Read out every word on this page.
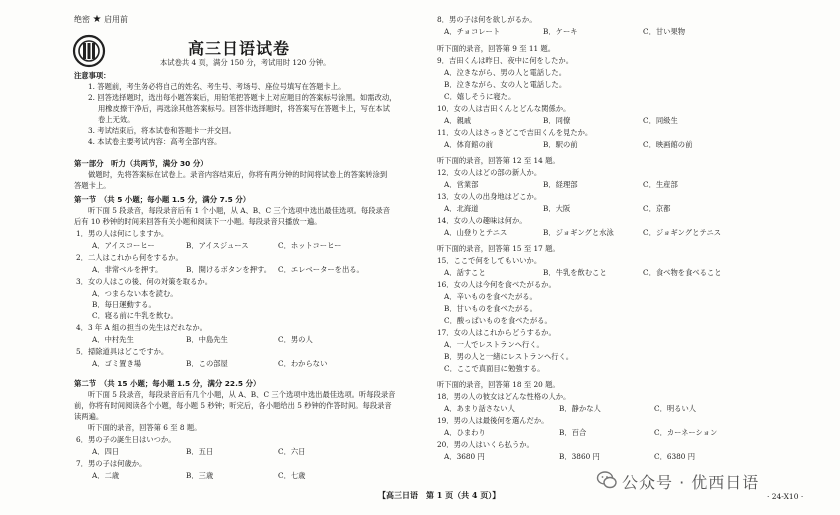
绝密 ★ 启用前
高三日语试卷
本试卷共 4 页，满分 150 分，考试用时 120 分钟。
注意事项：
1. 答题前，考生务必将自己的姓名、考生号、考场号、座位号填写在答题卡上。
2. 回答选择题时，选出每小题答案后，用铅笔把答题卡上对应题目的答案标号涂黑。如需改动，
用橡皮擦干净后，再选涂其他答案标号。回答非选择题时，将答案写在答题卡上，写在本试
卷上无效。
3. 考试结束后，将本试卷和答题卡一并交回。
4. 本试卷主要考试内容：高考全部内容。
第一部分　听力（共两节，满分 30 分）
做题时，先将答案标在试卷上。录音内容结束后，你将有两分钟的时间将试卷上的答案转涂到
答题卡上。
第一节　（共 5 小题；每小题 1.5 分，满分 7.5 分）
听下面 5 段录音，每段录音后有 1 个小题，从 A、B、C 三个选项中选出最佳选项。每段录音
后有 10 秒钟的时间来回答有关小题和阅读下一小题。每段录音只播放一遍。
1．男の人は何にしますか。
A．アイスコーヒー	B．アイスジュース	C．ホットコーヒー
2．二人はこれから何をするか。
A．非常ベルを押す。	B．開けるボタンを押す。 C．エレベーターを出る。
3．女の人はこの後、何の対策を取るか。
A．つまらない本を読む。
B．毎日運動する。
C．寝る前に牛乳を飲む。
4．3 年 A 組の担当の先生はだれなか。
A．中村先生	B．中島先生	C．男の人
5．掃除道具はどこですか。
A．ゴミ置き場	B．この部屋	C．わからない
第二节　（共 15 小题；每小题 1.5 分，满分 22.5 分）
听下面 5 段录音，每段录音后有几个小题，从 A、B、C 三个选项中选出最佳选项。听每段录音
前，你将有时间阅读各个小题，每小题 5 秒钟；听完后，各小题给出 5 秒钟的作答时间。每段录音
读两遍。
听下面的录音，回答第 6 至 8 题。
6．男の子の誕生日はいつか。
A．四日	B．五日	C．六日
7．男の子は何歳か。
A．二歳	B．三歳	C．七歳
8．男の子は何を欲しがるか。
A．チョコレート	B．ケーキ	C．甘い果物
听下面的录音，回答第 9 至 11 题。
9．吉田くんは昨日、夜中に何をしたか。
A．泣きながら、男の人と電話した。
B．泣きながら、女の人と電話した。
C．嬉しそうに寝た。
10．女の人は吉田くんとどんな関係か。
A．親戚	B．同僚	C．同級生
11．女の人はさっきどこで吉田くんを見たか。
A．体育館の前	B．駅の前	C．映画館の前
听下面的录音，回答第 12 至 14 题。
12．女の人はどの部の新人か。
A．営業部	B．経理部	C．生産部
13．女の人の出身地はどこか。
A．北海道	B．大阪	C．京都
14．女の人の趣味は何か。
A．山登りとテニス	B．ジョギングと水泳	C．ジョギングとテニス
听下面的录音，回答第 15 至 17 题。
15．ここで何をしてもいいか。
A．話すこと	B．牛乳を飲むこと	C．食べ物を食べること
16．女の人は今何を食べたがるか。
A．辛いものを食べたがる。
B．甘いものを食べたがる。
C．酸っぱいものを食べたがる。
17．女の人はこれからどうするか。
A．一人でレストランへ行く。
B．男の人と一緒にレストランへ行く。
C．ここで真面目に勉強する。
听下面的录音，回答第 18 至 20 题。
18．男の人の彼女はどんな性格の人か。
A．あまり話さない人	B．静かな人	C．明るい人
19．男の人は最後何を選んだか。
A．ひまわり	B．百合	C．カーネーション
20．男の人はいくら払うか。
A．3680 円	B．3860 円	C．6380 円
【高三日语　第 1 页（共 4 页）】
公众号 · 优西日语
· 24-X10 ·
